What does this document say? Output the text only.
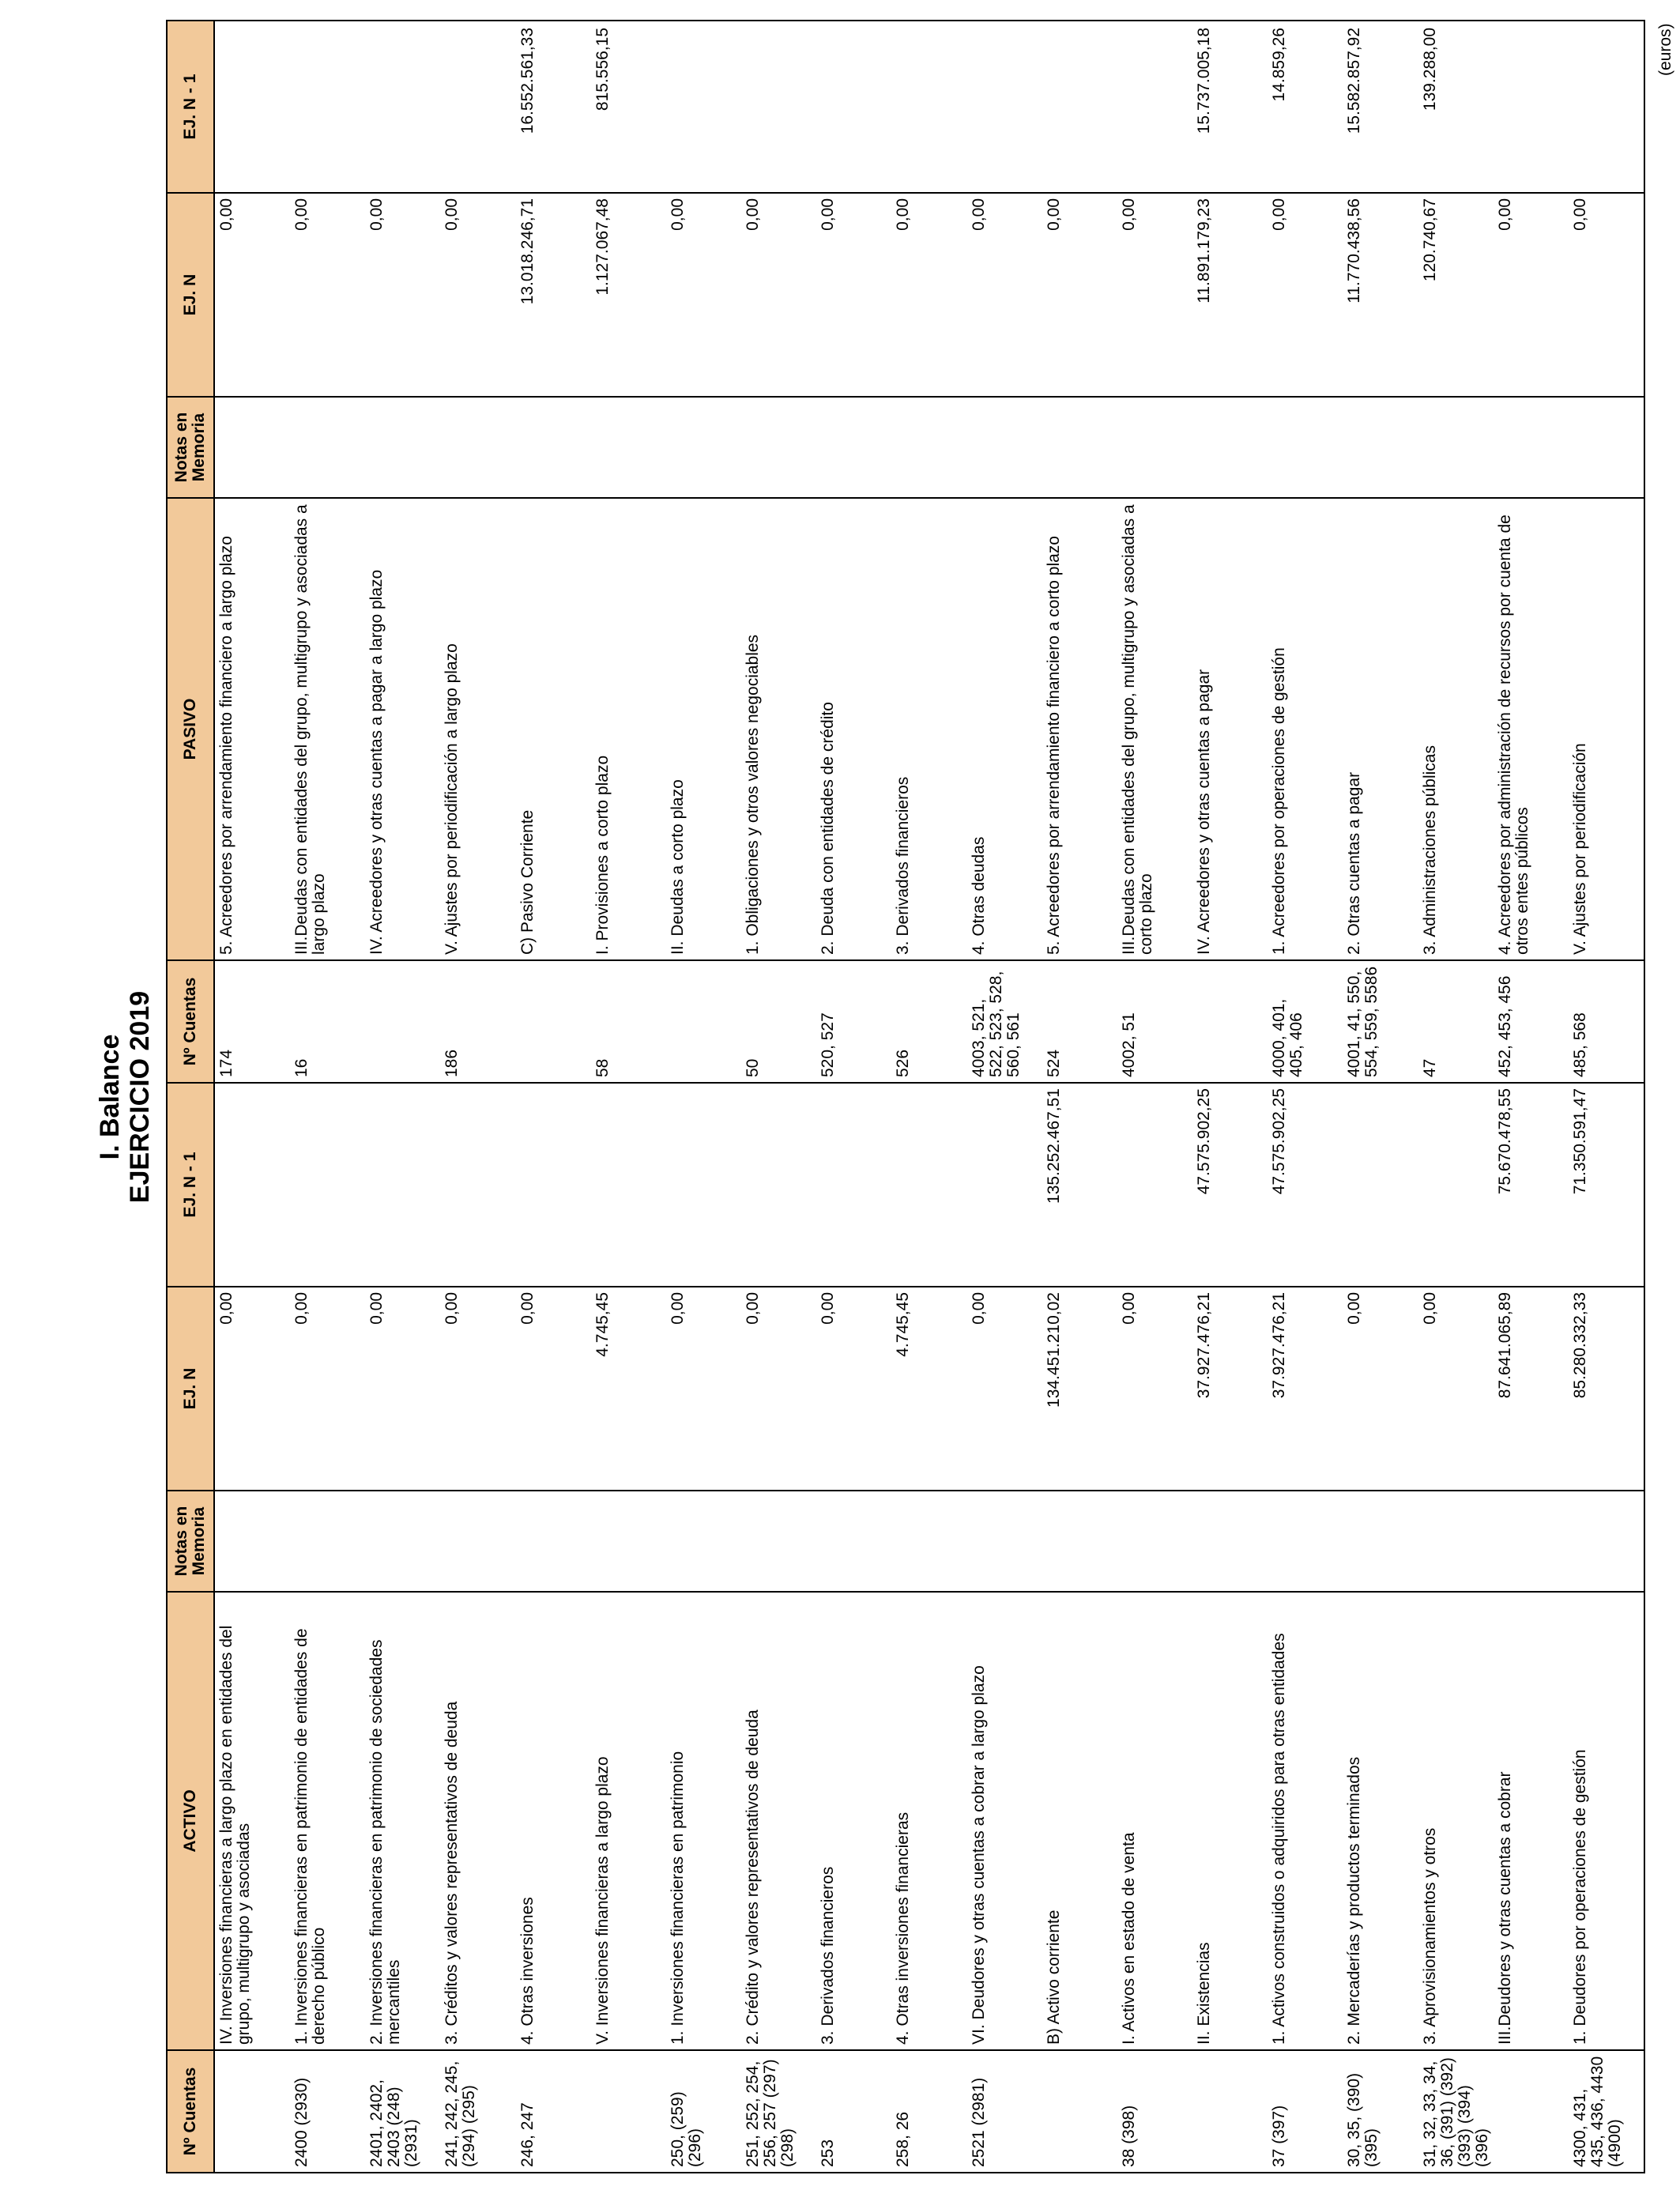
I. Balance EJERCICIO 2019
Nº Cuentas
ACTIVO
Notas en Memoria
EJ. N
EJ. N - 1
Nº Cuentas
PASIVO
Notas en Memoria
EJ. N
EJ. N - 1
IV. Inversiones financieras a largo plazo en entidades del grupo, multigrupo y asociadas
0,00
174
5. Acreedores por arrendamiento financiero a largo plazo
0,00
2400 (2930)
1. Inversiones financieras en patrimonio de entidades de derecho público
0,00
16
III.Deudas con entidades del grupo, multigrupo y asociadas a largo plazo
0,00
2401, 2402, 2403 (248) (2931)
2. Inversiones financieras en patrimonio de sociedades mercantiles
0,00
IV. Acreedores y otras cuentas a pagar a largo plazo
0,00
241, 242, 245, (294) (295)
3. Créditos y valores representativos de deuda
0,00
186
V. Ajustes por periodificación a largo plazo
0,00
246, 247
4. Otras inversiones
0,00
C) Pasivo Corriente
13.018.246,71
16.552.561,33
V. Inversiones financieras a largo plazo
4.745,45
58
I. Provisiones a corto plazo
1.127.067,48
815.556,15
250, (259) (296)
1. Inversiones financieras en patrimonio
0,00
II. Deudas a corto plazo
0,00
251, 252, 254, 256, 257 (297) (298)
2. Crédito y valores representativos de deuda
0,00
50
1. Obligaciones y otros valores negociables
0,00
253
3. Derivados financieros
0,00
520, 527
2. Deuda con entidades de crédito
0,00
258, 26
4. Otras inversiones financieras
4.745,45
526
3. Derivados financieros
0,00
2521 (2981)
VI. Deudores y otras cuentas a cobrar a largo plazo
0,00
4003, 521, 522, 523, 528, 560, 561
4. Otras deudas
0,00
B) Activo corriente
134.451.210,02
135.252.467,51
524
5. Acreedores por arrendamiento financiero a corto plazo
0,00
38 (398)
I. Activos en estado de venta
0,00
4002, 51
III.Deudas con entidades del grupo, multigrupo y asociadas a corto plazo
0,00
II. Existencias
37.927.476,21
47.575.902,25
IV. Acreedores y otras cuentas a pagar
11.891.179,23
15.737.005,18
37 (397)
1. Activos construidos o adquiridos para otras entidades
37.927.476,21
47.575.902,25
4000, 401, 405, 406
1. Acreedores por operaciones de gestión
0,00
14.859,26
30, 35, (390) (395)
2. Mercaderías y productos terminados
0,00
4001, 41, 550, 554, 559, 5586
2. Otras cuentas a pagar
11.770.438,56
15.582.857,92
31, 32, 33, 34, 36, (391) (392) (393) (394) (396)
3. Aprovisionamientos y otros
0,00
47
3. Administraciones públicas
120.740,67
139.288,00
III.Deudores y otras cuentas a cobrar
87.641.065,89
75.670.478,55
452, 453, 456
4. Acreedores por administración de recursos por cuenta de otros entes públicos
0,00
4300, 431, 435, 436, 4430 (4900)
1. Deudores por operaciones de gestión
85.280.332,33
71.350.591,47
485, 568
V. Ajustes por periodificación
0,00
(euros)
